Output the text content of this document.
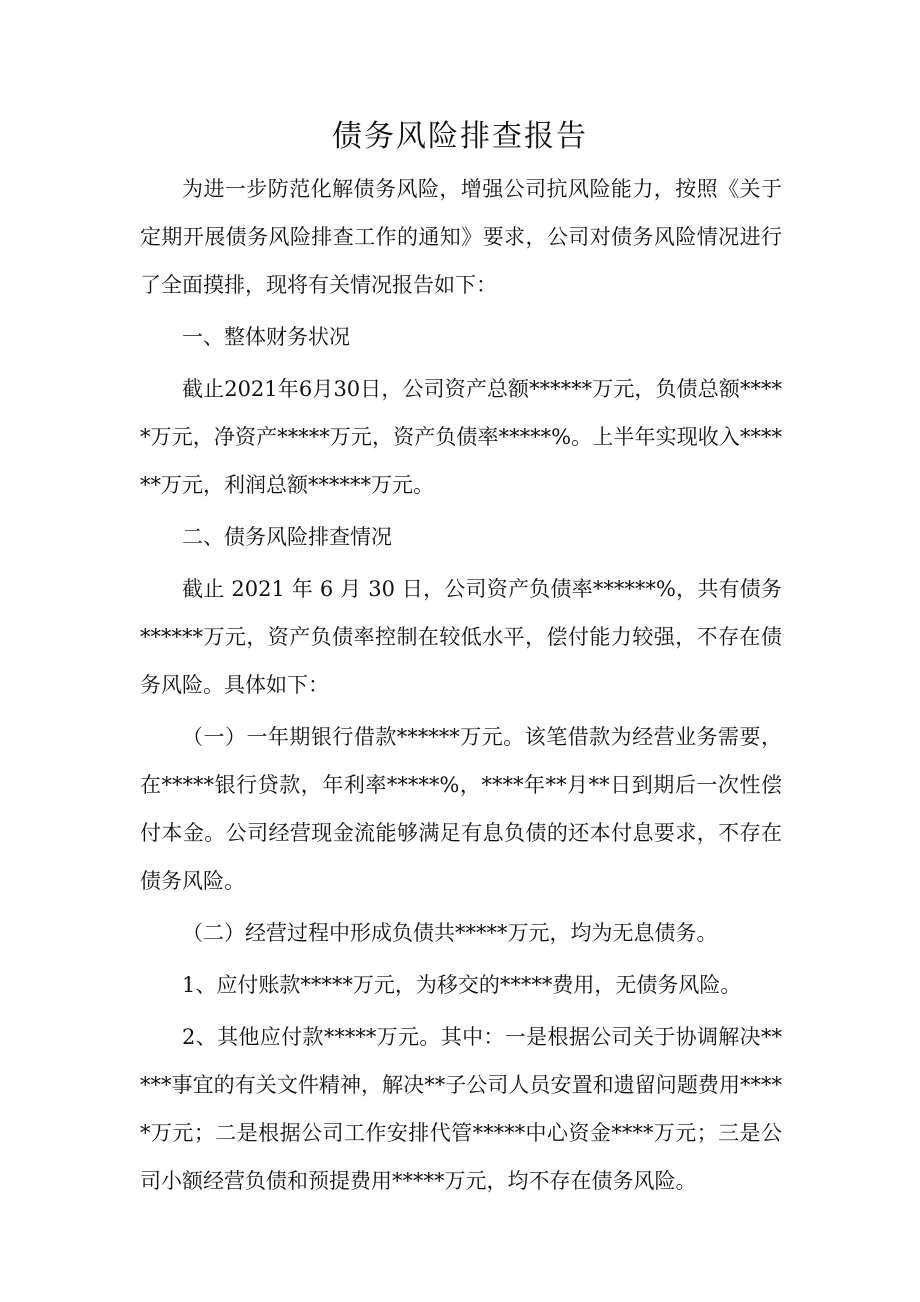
债务风险排查报告

为进一步防范化解债务风险，增强公司抗风险能力，按照《关于定期开展债务风险排查工作的通知》要求，公司对债务风险情况进行了全面摸排，现将有关情况报告如下：

一、整体财务状况

截止2021年6月30日，公司资产总额******万元，负债总额*****万元，净资产*****万元，资产负债率*****%。上半年实现收入******万元，利润总额******万元。

二、债务风险排查情况

截止 2021 年 6 月 30 日，公司资产负债率******%，共有债务******万元，资产负债率控制在较低水平，偿付能力较强，不存在债务风险。具体如下：

（一）一年期银行借款******万元。该笔借款为经营业务需要，在*****银行贷款，年利率*****%，****年**月**日到期后一次性偿付本金。公司经营现金流能够满足有息负债的还本付息要求，不存在债务风险。

（二）经营过程中形成负债共*****万元，均为无息债务。

1、应付账款*****万元，为移交的*****费用，无债务风险。

2、其他应付款*****万元。其中：一是根据公司关于协调解决*****事宜的有关文件精神，解决**子公司人员安置和遗留问题费用*****万元；二是根据公司工作安排代管*****中心资金****万元；三是公司小额经营负债和预提费用*****万元，均不存在债务风险。
